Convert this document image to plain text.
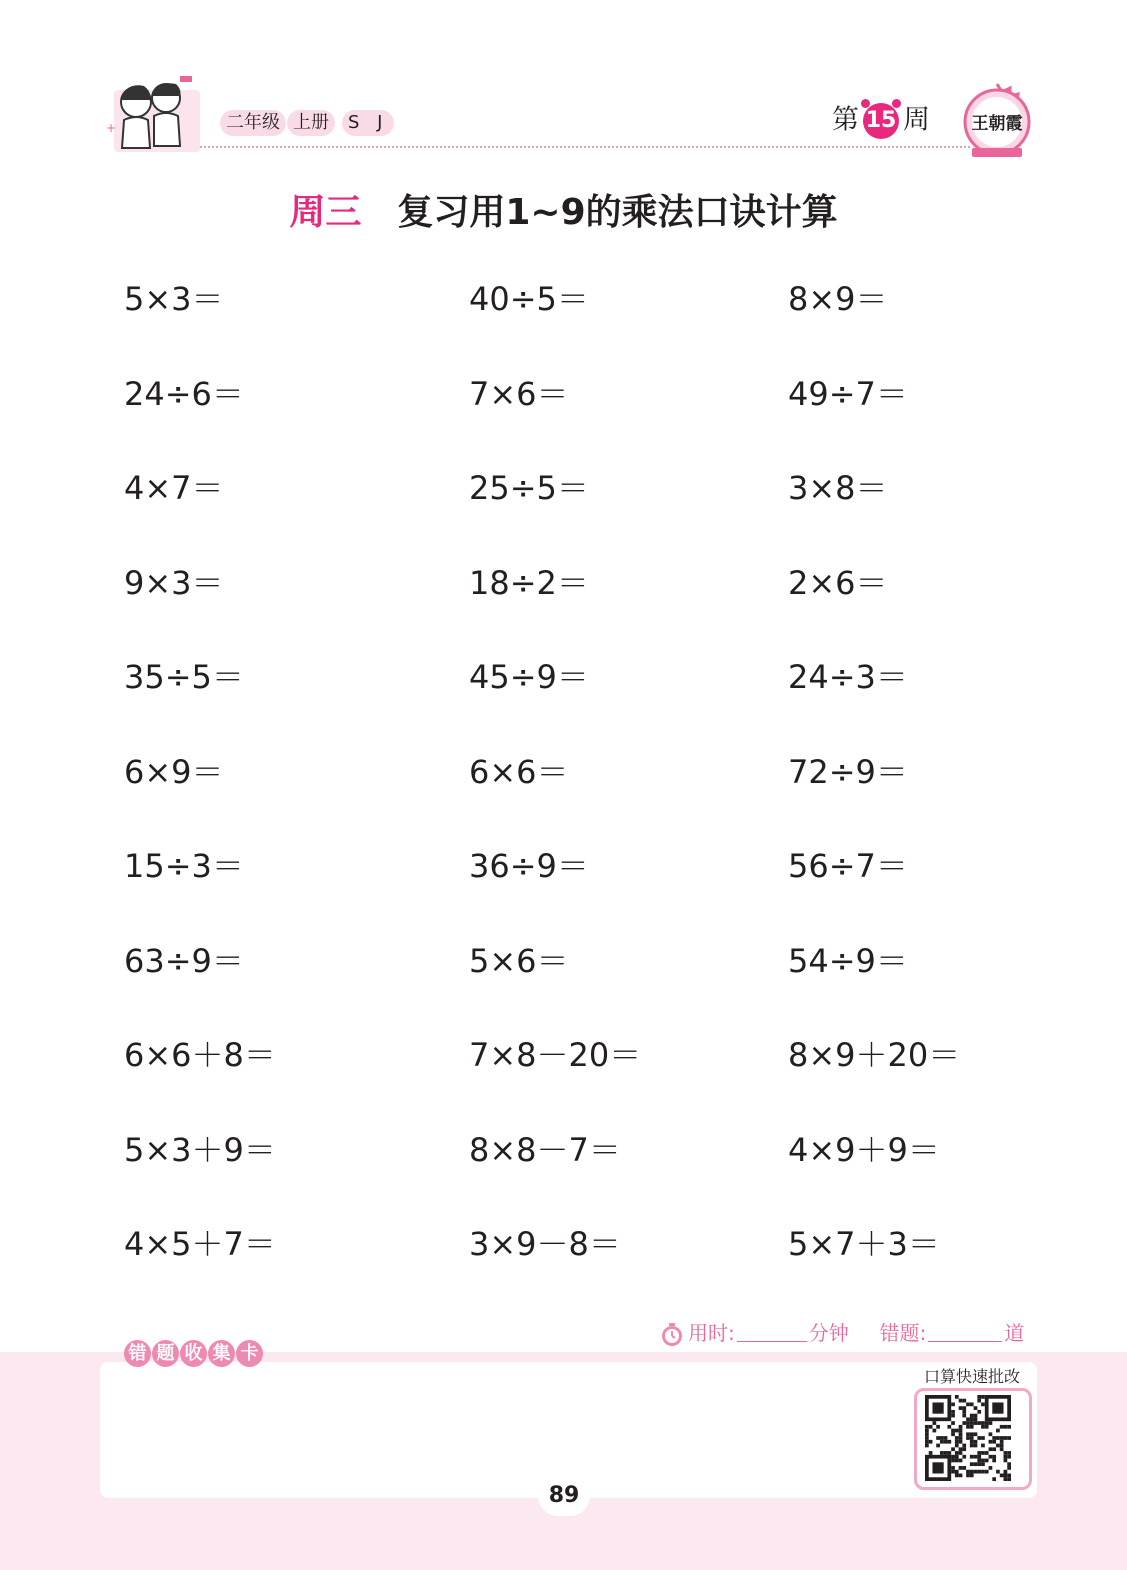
+	二年级 上册	S J	第 15 周 王朝霞
周三 复习用1~9的乘法口诀计算
5×3＝	40÷5＝	8×9＝
24÷6＝	7×6＝	49÷7＝
4×7＝	25÷5＝	3×8＝
9×3＝	18÷2＝	2×6＝
35÷5＝	45÷9＝	24÷3＝
6×9＝	6×6＝	72÷9＝
15÷3＝	36÷9＝	56÷7＝
63÷9＝	5×6＝	54÷9＝
6×6＋8＝	7×8－20＝	8×9＋20＝
5×3＋9＝	8×8－7＝	4×9＋9＝
4×5＋7＝	3×9－8＝	5×7＋3＝
用时:	分钟 错题:	道
错 题 收 集 卡
口算快速批改
89
